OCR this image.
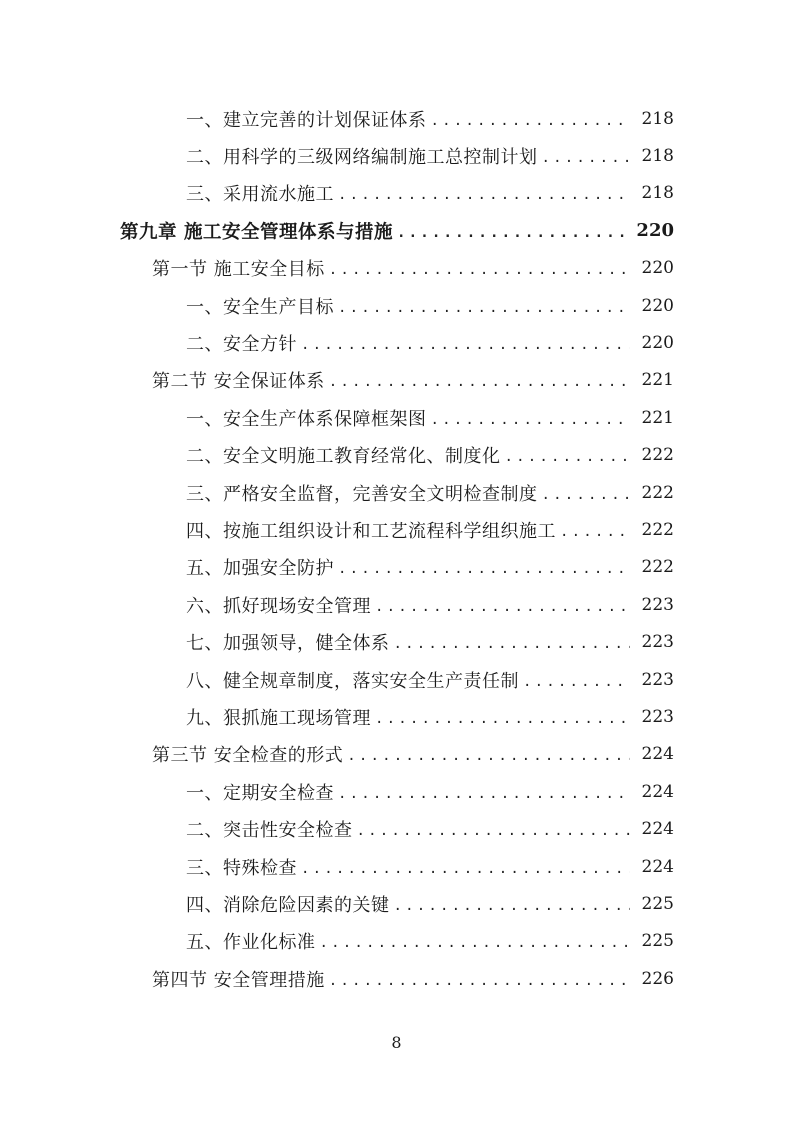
一、建立完善的计划保证体系 .....	218
二、用科学的三级网络编制施工总控制计划 .....	218
三、采用流水施工 .....	218
第九章 施工安全管理体系与措施 .....	220
第一节 施工安全目标 .....	220
一、安全生产目标 .....	220
二、安全方针 .....	220
第二节 安全保证体系 .....	221
一、安全生产体系保障框架图 .....	221
二、安全文明施工教育经常化、制度化 .....	222
三、严格安全监督，完善安全文明检查制度 .....	222
四、按施工组织设计和工艺流程科学组织施工 .....	222
五、加强安全防护 .....	222
六、抓好现场安全管理 .....	223
七、加强领导，健全体系 .....	223
八、健全规章制度，落实安全生产责任制 .....	223
九、狠抓施工现场管理 .....	223
第三节 安全检查的形式 .....	224
一、定期安全检查 .....	224
二、突击性安全检查 .....	224
三、特殊检查 .....	224
四、消除危险因素的关键 .....	225
五、作业化标准 .....	225
第四节 安全管理措施 .....	226
8
